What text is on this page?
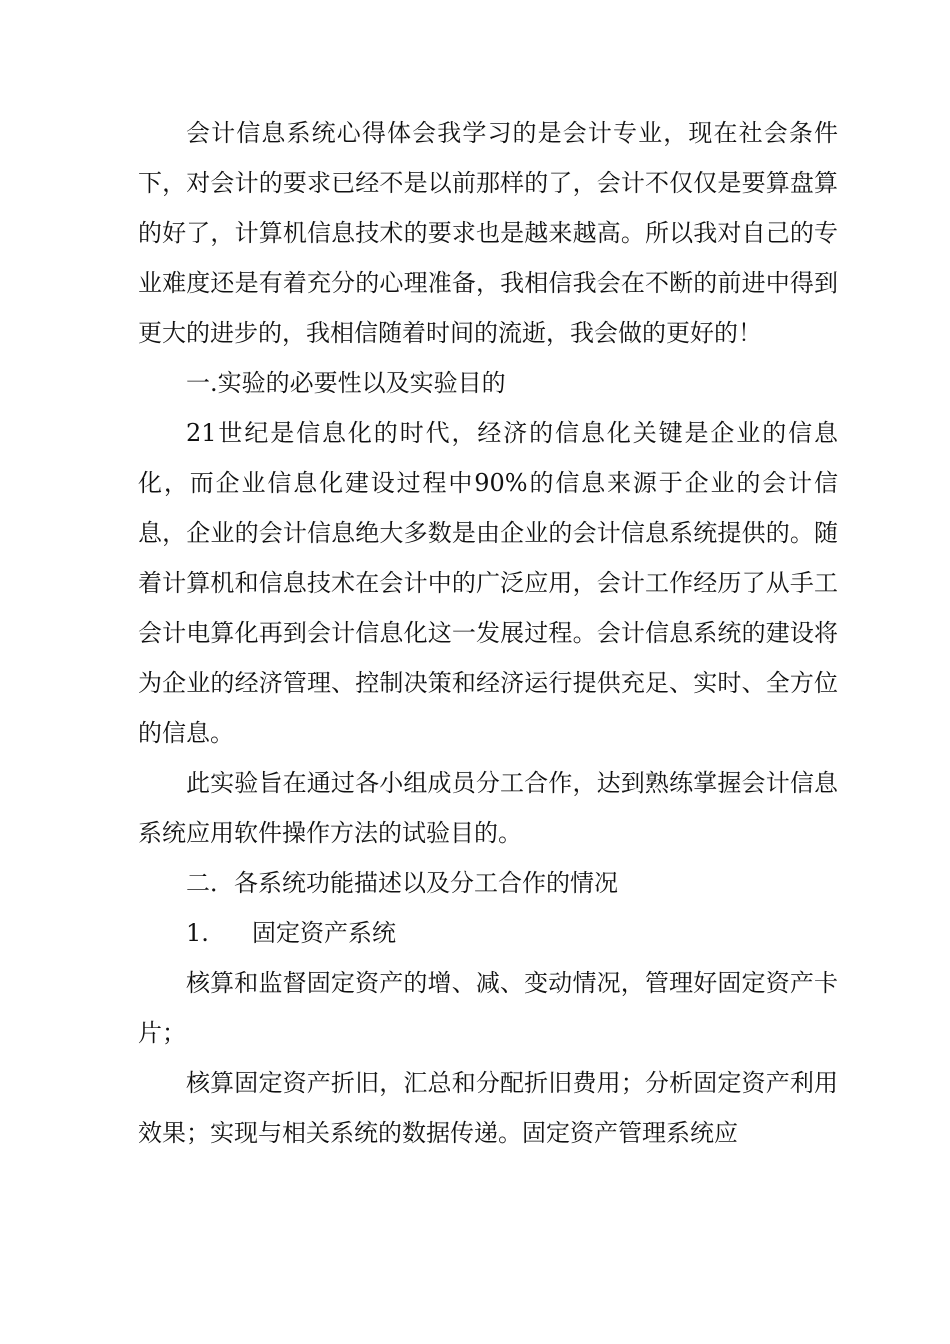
会计信息系统心得体会我学习的是会计专业，现在社会条件下，对会计的要求已经不是以前那样的了，会计不仅仅是要算盘算的好了，计算机信息技术的要求也是越来越高。所以我对自己的专业难度还是有着充分的心理准备，我相信我会在不断的前进中得到更大的进步的，我相信随着时间的流逝，我会做的更好的！

一.实验的必要性以及实验目的

21世纪是信息化的时代，经济的信息化关键是企业的信息化，而企业信息化建设过程中90%的信息来源于企业的会计信息，企业的会计信息绝大多数是由企业的会计信息系统提供的。随着计算机和信息技术在会计中的广泛应用，会计工作经历了从手工会计电算化再到会计信息化这一发展过程。会计信息系统的建设将为企业的经济管理、控制决策和经济运行提供充足、实时、全方位的信息。

此实验旨在通过各小组成员分工合作，达到熟练掌握会计信息系统应用软件操作方法的试验目的。

二．各系统功能描述以及分工合作的情况

1. 固定资产系统

核算和监督固定资产的增、减、变动情况，管理好固定资产卡片；

核算固定资产折旧，汇总和分配折旧费用；分析固定资产利用效果；实现与相关系统的数据传递。固定资产管理系统应
